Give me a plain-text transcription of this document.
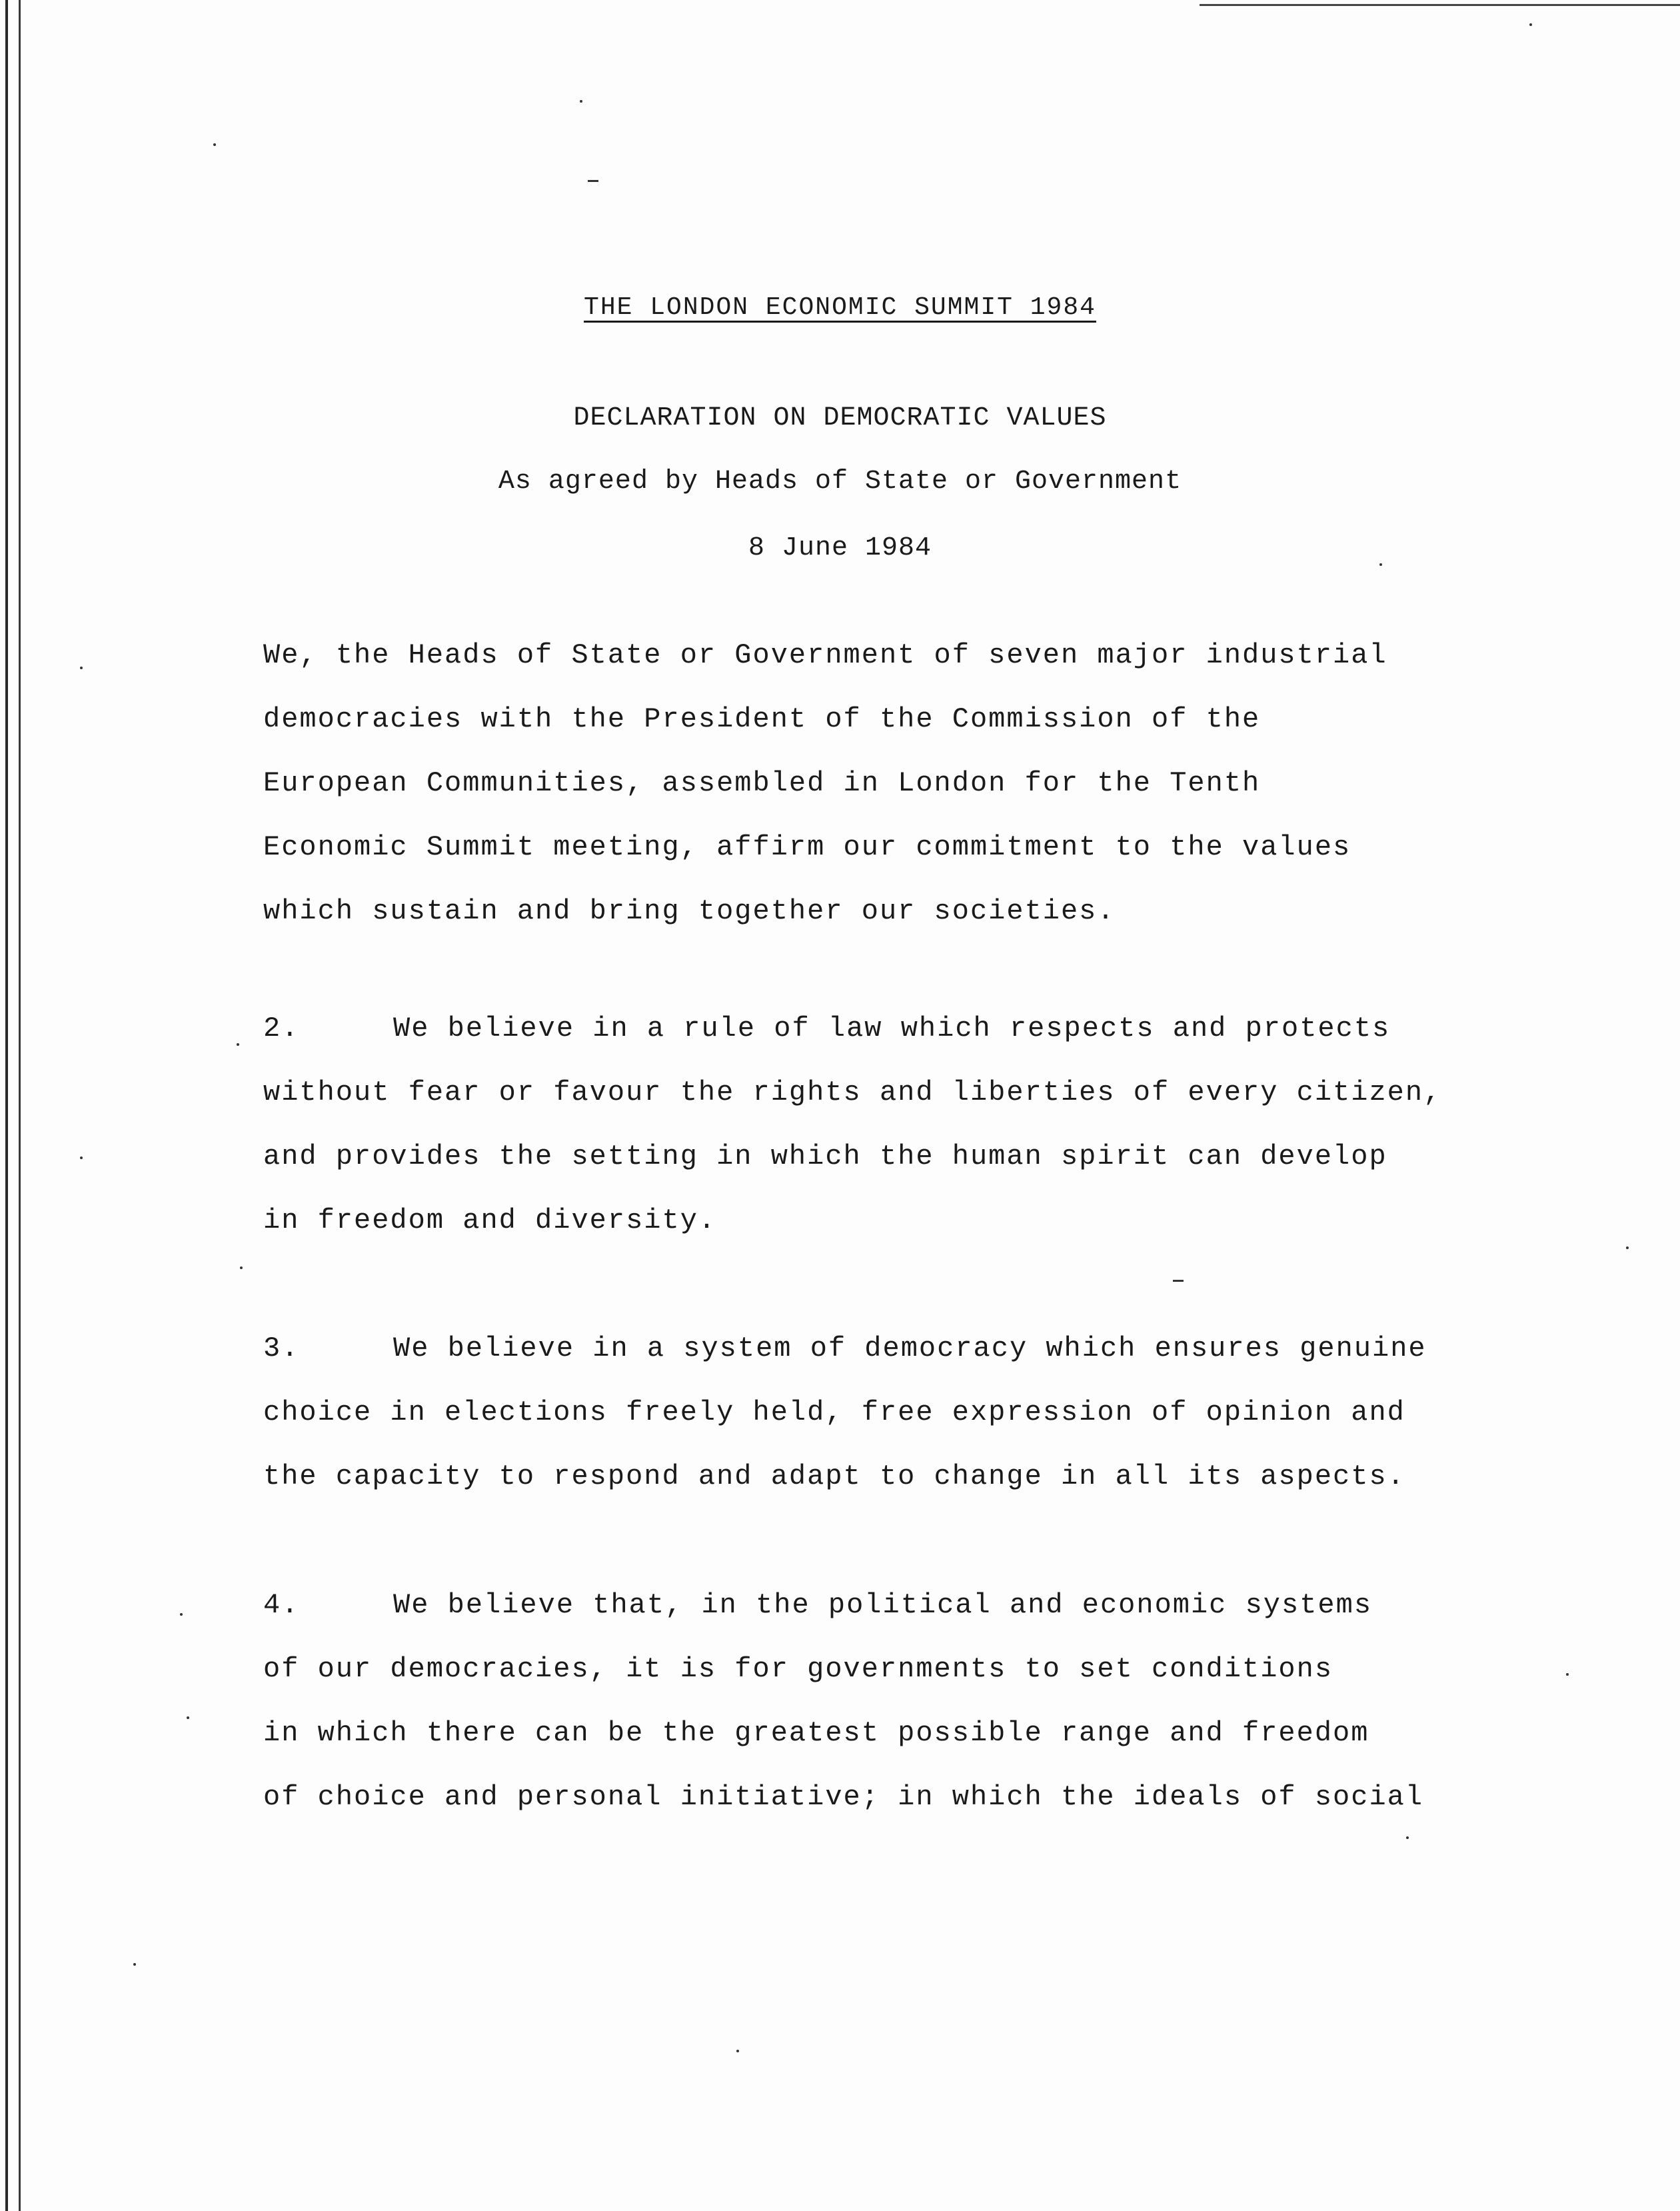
THE LONDON ECONOMIC SUMMIT 1984
DECLARATION ON DEMOCRATIC VALUES
As agreed by Heads of State or Government
8 June 1984
We, the Heads of State or Government of seven major industrial
democracies with the President of the Commission of the
European Communities, assembled in London for the Tenth
Economic Summit meeting, affirm our commitment to the values
which sustain and bring together our societies.
2.	We believe in a rule of law which respects and protects
without fear or favour the rights and liberties of every citizen,
and provides the setting in which the human spirit can develop
in freedom and diversity.
3.	We believe in a system of democracy which ensures genuine
choice in elections freely held, free expression of opinion and
the capacity to respond and adapt to change in all its aspects.
4.	We believe that, in the political and economic systems
of our democracies, it is for governments to set conditions
in which there can be the greatest possible range and freedom
of choice and personal initiative; in which the ideals of social
